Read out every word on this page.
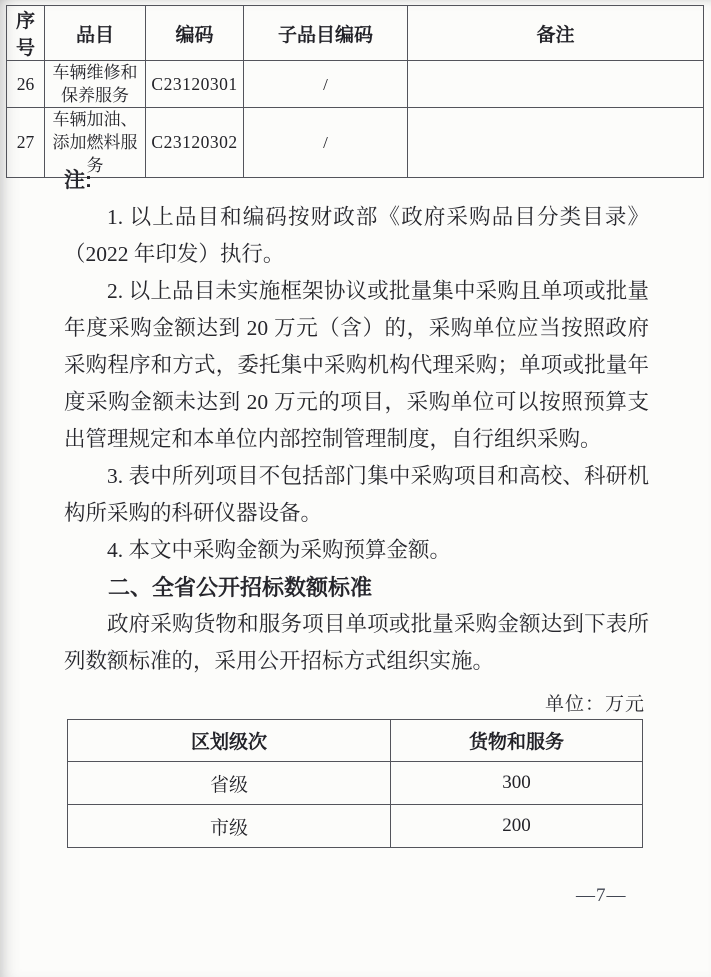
序号	品目	编码	子品目编码	备注
26	车辆维修和保养服务	C23120301	/	
27	车辆加油、添加燃料服务	C23120302	/	

注:

1. 以上品目和编码按财政部《政府采购品目分类目录》（2022 年印发）执行。

2. 以上品目未实施框架协议或批量集中采购且单项或批量年度采购金额达到 20 万元（含）的，采购单位应当按照政府采购程序和方式，委托集中采购机构代理采购；单项或批量年度采购金额未达到 20 万元的项目，采购单位可以按照预算支出管理规定和本单位内部控制管理制度，自行组织采购。

3. 表中所列项目不包括部门集中采购项目和高校、科研机构所采购的科研仪器设备。

4. 本文中采购金额为采购预算金额。

二、全省公开招标数额标准

政府采购货物和服务项目单项或批量采购金额达到下表所列数额标准的，采用公开招标方式组织实施。

单位：万元
区划级次	货物和服务
省级	300
市级	200
—7—
